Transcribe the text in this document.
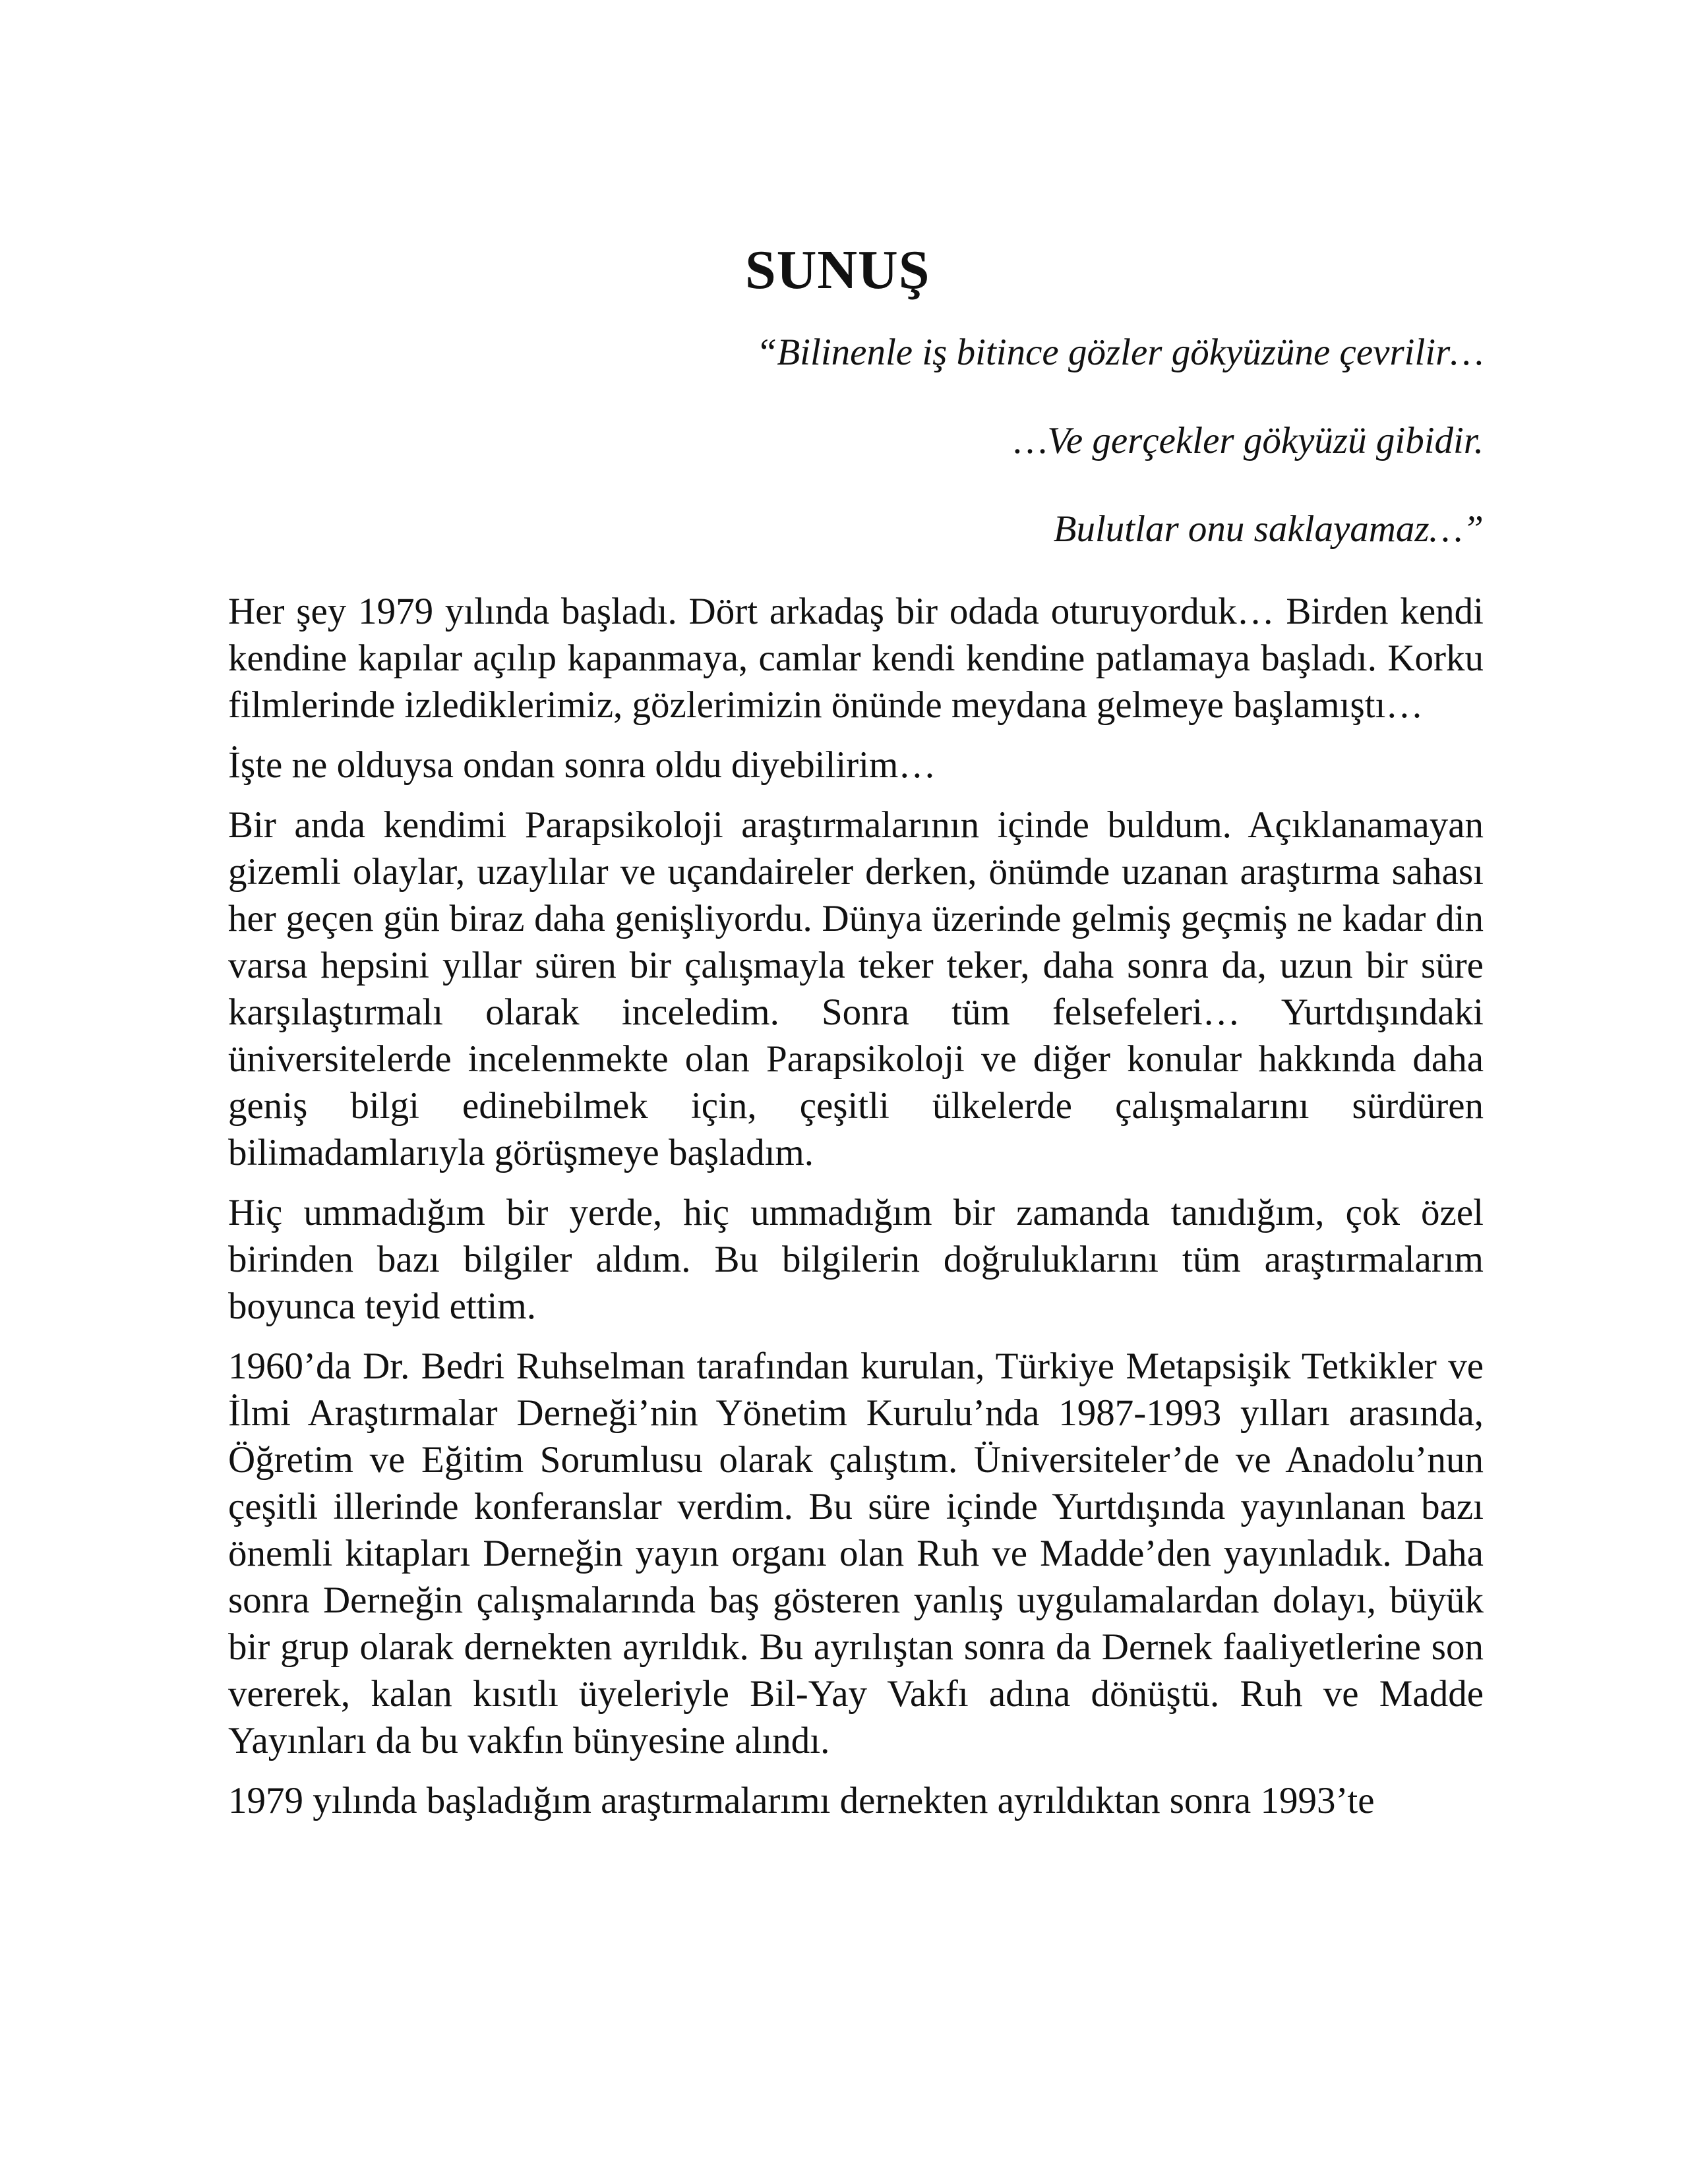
SUNUŞ

“Bilinenle iş bitince gözler gökyüzüne çevrilir…

…Ve gerçekler gökyüzü gibidir.

Bulutlar onu saklayamaz…”

Her şey 1979 yılında başladı. Dört arkadaş bir odada oturuyorduk… Birden kendi kendine kapılar açılıp kapanmaya, camlar kendi kendine patlamaya başladı. Korku filmlerinde izlediklerimiz, gözlerimizin önünde meydana gelmeye başlamıştı…

İşte ne olduysa ondan sonra oldu diyebilirim…

Bir anda kendimi Parapsikoloji araştırmalarının içinde buldum. Açıklanamayan gizemli olaylar, uzaylılar ve uçandaireler derken, önümde uzanan araştırma sahası her geçen gün biraz daha genişliyordu. Dünya üzerinde gelmiş geçmiş ne kadar din varsa hepsini yıllar süren bir çalışmayla teker teker, daha sonra da, uzun bir süre karşılaştırmalı olarak inceledim. Sonra tüm felsefeleri… Yurtdışındaki üniversitelerde incelenmekte olan Parapsikoloji ve diğer konular hakkında daha geniş bilgi edinebilmek için, çeşitli ülkelerde çalışmalarını sürdüren bilimadamlarıyla görüşmeye başladım.

Hiç ummadığım bir yerde, hiç ummadığım bir zamanda tanıdığım, çok özel birinden bazı bilgiler aldım. Bu bilgilerin doğruluklarını tüm araştırmalarım boyunca teyid ettim.

1960’da Dr. Bedri Ruhselman tarafından kurulan, Türkiye Metapsişik Tetkikler ve İlmi Araştırmalar Derneği’nin Yönetim Kurulu’nda 1987-1993 yılları arasında, Öğretim ve Eğitim Sorumlusu olarak çalıştım. Üniversiteler’de ve Anadolu’nun çeşitli illerinde konferanslar verdim. Bu süre içinde Yurtdışında yayınlanan bazı önemli kitapları Derneğin yayın organı olan Ruh ve Madde’den yayınladık. Daha sonra Derneğin çalışmalarında baş gösteren yanlış uygulamalardan dolayı, büyük bir grup olarak dernekten ayrıldık. Bu ayrılıştan sonra da Dernek faaliyetlerine son vererek, kalan kısıtlı üyeleriyle Bil-Yay Vakfı adına dönüştü. Ruh ve Madde Yayınları da bu vakfın bünyesine alındı.

1979 yılında başladığım araştırmalarımı dernekten ayrıldıktan sonra 1993’te
